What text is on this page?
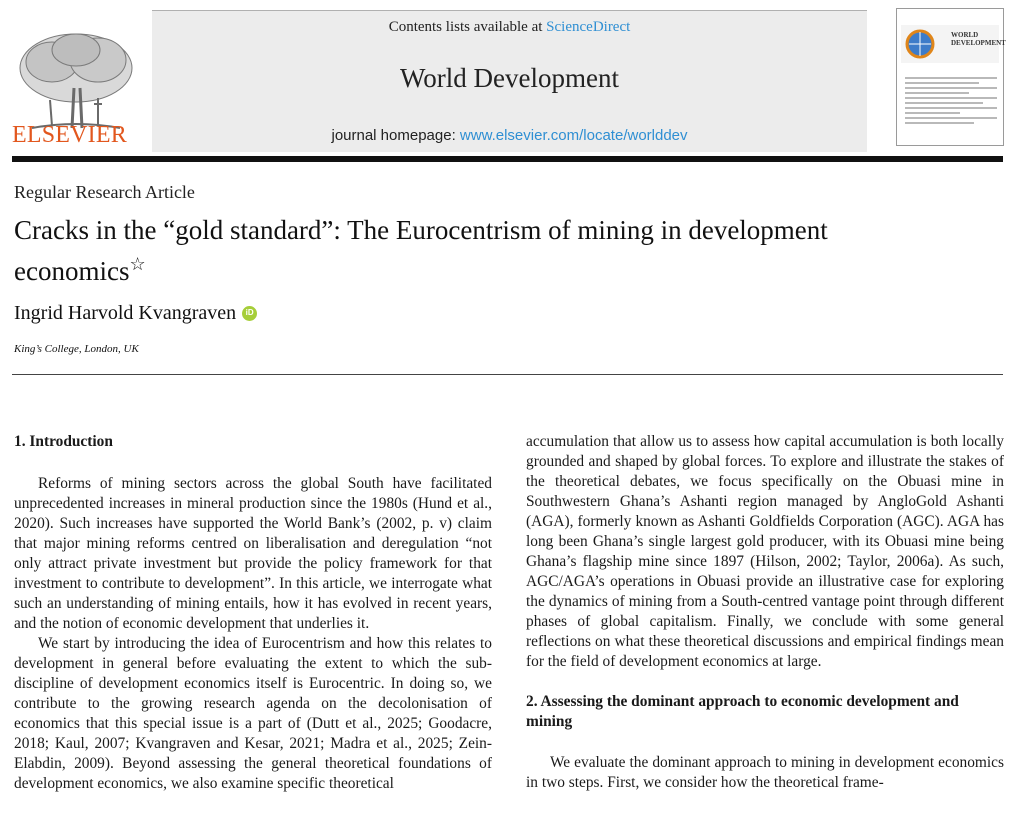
ELSEVIER
Contents lists available at ScienceDirect
World Development
journal homepage: www.elsevier.com/locate/worlddev
WORLD
DEVELOPMENT
Regular Research Article
Cracks in the “gold standard”: The Eurocentrism of mining in development economics☆
Ingrid Harvold Kvangraven	iD
King’s College, London, UK
1. Introduction

Reforms of mining sectors across the global South have facilitated unprecedented increases in mineral production since the 1980s (Hund et al., 2020). Such increases have supported the World Bank’s (2002, p. v) claim that major mining reforms centred on liberalisation and deregulation “not only attract private investment but provide the policy framework for that investment to contribute to development”. In this article, we interrogate what such an understanding of mining entails, how it has evolved in recent years, and the notion of economic development that underlies it.

We start by introducing the idea of Eurocentrism and how this relates to development in general before evaluating the extent to which the sub-discipline of development economics itself is Eurocentric. In doing so, we contribute to the growing research agenda on the decolonisation of economics that this special issue is a part of (Dutt et al., 2025; Goodacre, 2018; Kaul, 2007; Kvangraven and Kesar, 2021; Madra et al., 2025; Zein-Elabdin, 2009). Beyond assessing the general theoretical foundations of development economics, we also examine specific theoretical

accumulation that allow us to assess how capital accumulation is both locally grounded and shaped by global forces. To explore and illustrate the stakes of the theoretical debates, we focus specifically on the Obuasi mine in Southwestern Ghana’s Ashanti region managed by AngloGold Ashanti (AGA), formerly known as Ashanti Goldfields Corporation (AGC). AGA has long been Ghana’s single largest gold producer, with its Obuasi mine being Ghana’s flagship mine since 1897 (Hilson, 2002; Taylor, 2006a). As such, AGC/AGA’s operations in Obuasi provide an illustrative case for exploring the dynamics of mining from a South-centred vantage point through different phases of global capitalism. Finally, we conclude with some general reflections on what these theoretical discussions and empirical findings mean for the field of development economics at large.

2. Assessing the dominant approach to economic development and mining

We evaluate the dominant approach to mining in development economics in two steps. First, we consider how the theoretical frame-
